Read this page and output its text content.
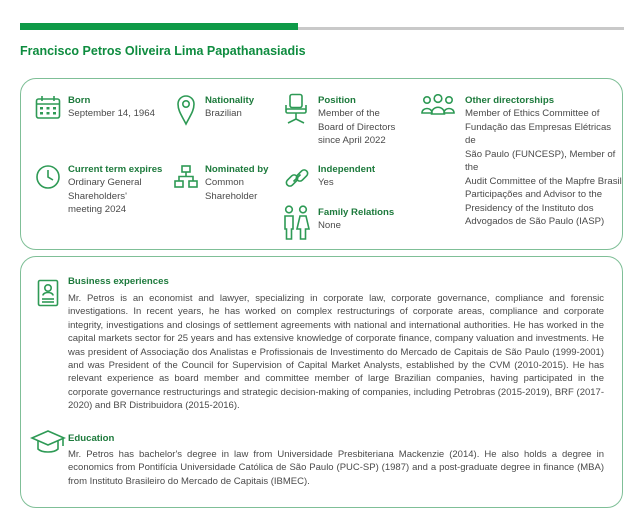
Francisco Petros Oliveira Lima Papathanasiadis
Born
September 14, 1964
Nationality
Brazilian
Position
Member of the
Board of Directors
since April 2022
Other directorships
Member of Ethics Committee of
Fundação das Empresas Elétricas de
São Paulo (FUNCESP), Member of the
Audit Committee of the Mapfre Brasil
Participações and Advisor to the
Presidency of the Instituto dos
Advogados de São Paulo (IASP)
Current term expires
Ordinary General
Shareholders'
meeting 2024
Nominated by
Common
Shareholder
Independent
Yes
Family Relations
None
Business experiences
Mr. Petros is an economist and lawyer, specializing in corporate law, corporate governance, compliance and forensic investigations. In recent years, he has worked on complex restructurings of corporate areas, compliance and corporate integrity, investigations and closings of settlement agreements with national and international authorities. He has worked in the capital markets sector for 25 years and has extensive knowledge of corporate finance, company valuation and investments. He was president of Associação dos Analistas e Profissionais de Investimento do Mercado de Capitais de São Paulo (1999-2001) and was President of the Council for Supervision of Capital Market Analysts, established by the CVM (2010-2015). He has relevant experience as board member and committee member of large Brazilian companies, having participated in the corporate governance restructurings and strategic decision-making of companies, including Petrobras (2015-2019), BRF (2017-2020) and BR Distribuidora (2015-2016).
Education
Mr. Petros has bachelor's degree in law from Universidade Presbiteriana Mackenzie (2014). He also holds a degree in economics from Pontifícia Universidade Católica de São Paulo (PUC-SP) (1987) and a post-graduate degree in finance (MBA) from Instituto Brasileiro do Mercado de Capitais (IBMEC).
